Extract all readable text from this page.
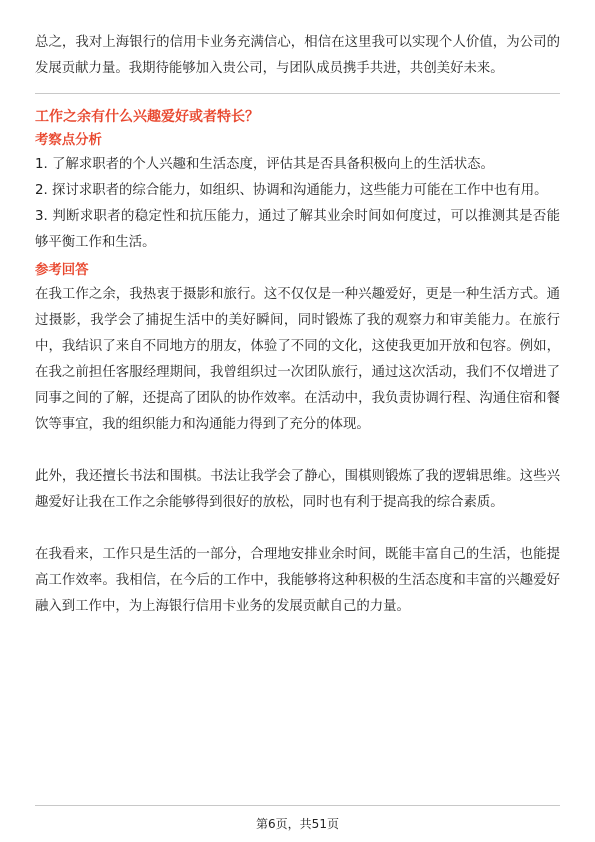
总之，我对上海银行的信用卡业务充满信心，相信在这里我可以实现个人价值，为公司的发展贡献力量。我期待能够加入贵公司，与团队成员携手共进，共创美好未来。

工作之余有什么兴趣爱好或者特长？

考察点分析

1. 了解求职者的个人兴趣和生活态度，评估其是否具备积极向上的生活状态。

2. 探讨求职者的综合能力，如组织、协调和沟通能力，这些能力可能在工作中也有用。

3. 判断求职者的稳定性和抗压能力，通过了解其业余时间如何度过，可以推测其是否能够平衡工作和生活。

参考回答

在我工作之余，我热衷于摄影和旅行。这不仅仅是一种兴趣爱好，更是一种生活方式。通过摄影，我学会了捕捉生活中的美好瞬间，同时锻炼了我的观察力和审美能力。在旅行中，我结识了来自不同地方的朋友，体验了不同的文化，这使我更加开放和包容。例如，在我之前担任客服经理期间，我曾组织过一次团队旅行，通过这次活动，我们不仅增进了同事之间的了解，还提高了团队的协作效率。在活动中，我负责协调行程、沟通住宿和餐饮等事宜，我的组织能力和沟通能力得到了充分的体现。

此外，我还擅长书法和围棋。书法让我学会了静心，围棋则锻炼了我的逻辑思维。这些兴趣爱好让我在工作之余能够得到很好的放松，同时也有利于提高我的综合素质。

在我看来，工作只是生活的一部分，合理地安排业余时间，既能丰富自己的生活，也能提高工作效率。我相信，在今后的工作中，我能够将这种积极的生活态度和丰富的兴趣爱好融入到工作中，为上海银行信用卡业务的发展贡献自己的力量。

第6页，共51页
